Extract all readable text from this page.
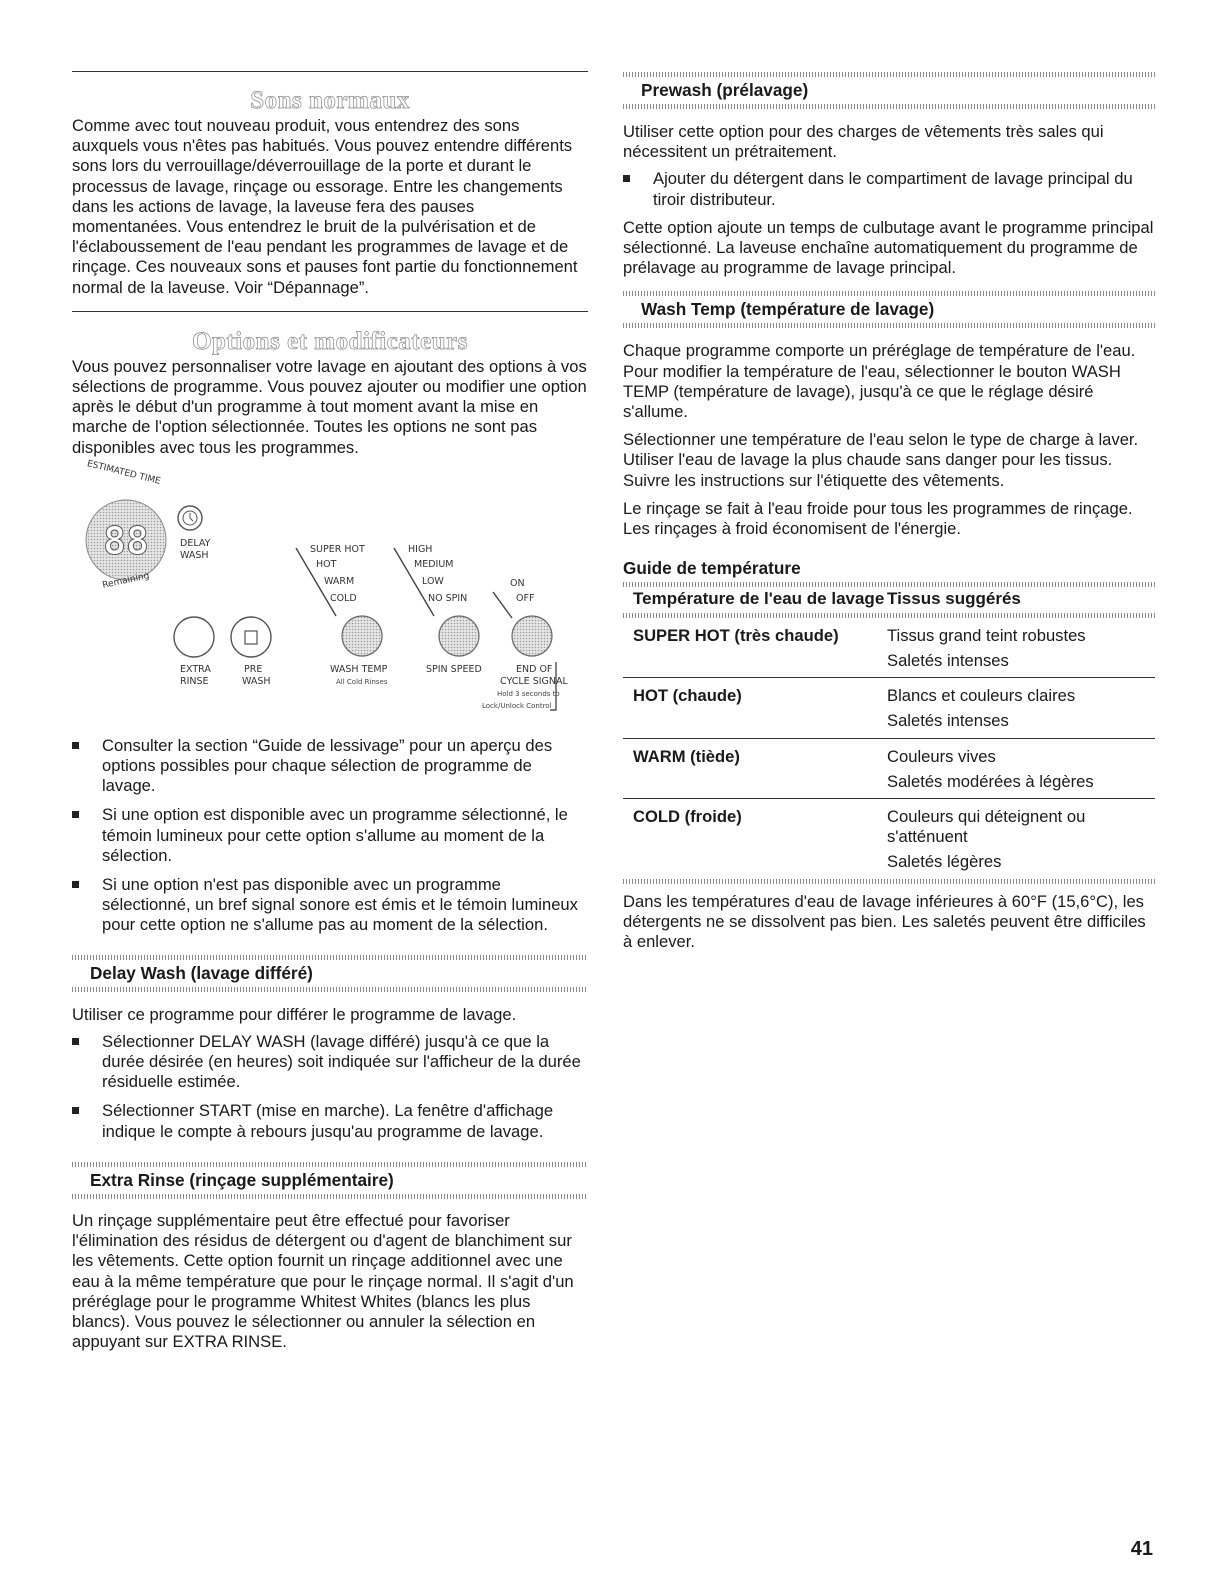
Sons normaux

Comme avec tout nouveau produit, vous entendrez des sons auxquels vous n'êtes pas habitués. Vous pouvez entendre différents sons lors du verrouillage/déverrouillage de la porte et durant le processus de lavage, rinçage ou essorage. Entre les changements dans les actions de lavage, la laveuse fera des pauses momentanées. Vous entendrez le bruit de la pulvérisation et de l'éclaboussement de l'eau pendant les programmes de lavage et de rinçage. Ces nouveaux sons et pauses font partie du fonctionnement normal de la laveuse. Voir “Dépannage”.

Options et modificateurs

Vous pouvez personnaliser votre lavage en ajoutant des options à vos sélections de programme. Vous pouvez ajouter ou modifier une option après le début d'un programme à tout moment avant la mise en marche de l'option sélectionnée. Toutes les options ne sont pas disponibles avec tous les programmes.

88
ESTIMATED TIME
Remaining
DELAY
WASH
SUPER HOT
HOT
WARM
COLD
HIGH
MEDIUM
LOW
NO SPIN
ON
OFF
EXTRA
RINSE
PRE
WASH
WASH TEMP
All Cold Rinses
SPIN SPEED	END OF
CYCLE SIGNAL
Hold 3 seconds to
Lock/Unlock Control
Consulter la section “Guide de lessivage” pour un aperçu des options possibles pour chaque sélection de programme de lavage.
Si une option est disponible avec un programme sélectionné, le témoin lumineux pour cette option s'allume au moment de la sélection.
Si une option n'est pas disponible avec un programme sélectionné, un bref signal sonore est émis et le témoin lumineux pour cette option ne s'allume pas au moment de la sélection.
Delay Wash (lavage différé)

Utiliser ce programme pour différer le programme de lavage.

Sélectionner DELAY WASH (lavage différé) jusqu'à ce que la durée désirée (en heures) soit indiquée sur l'afficheur de la durée résiduelle estimée.
Sélectionner START (mise en marche). La fenêtre d'affichage indique le compte à rebours jusqu'au programme de lavage.
Extra Rinse (rinçage supplémentaire)

Un rinçage supplémentaire peut être effectué pour favoriser l'élimination des résidus de détergent ou d'agent de blanchiment sur les vêtements. Cette option fournit un rinçage additionnel avec une eau à la même température que pour le rinçage normal. Il s'agit d'un préréglage pour le programme Whitest Whites (blancs les plus blancs). Vous pouvez le sélectionner ou annuler la sélection en appuyant sur EXTRA RINSE.

Prewash (prélavage)

Utiliser cette option pour des charges de vêtements très sales qui nécessitent un prétraitement.

Ajouter du détergent dans le compartiment de lavage principal du tiroir distributeur.

Cette option ajoute un temps de culbutage avant le programme principal sélectionné. La laveuse enchaîne automatiquement du programme de prélavage au programme de lavage principal.

Wash Temp (température de lavage)

Chaque programme comporte un préréglage de température de l'eau. Pour modifier la température de l'eau, sélectionner le bouton WASH TEMP (température de lavage), jusqu'à ce que le réglage désiré s'allume.

Sélectionner une température de l'eau selon le type de charge à laver. Utiliser l'eau de lavage la plus chaude sans danger pour les tissus. Suivre les instructions sur l'étiquette des vêtements.

Le rinçage se fait à l'eau froide pour tous les programmes de rinçage. Les rinçages à froid économisent de l'énergie.

Guide de température
Température de l'eau de lavage	Tissus suggérés

SUPER HOT (très chaude)	Tissus grand teint robustes
Saletés intenses

HOT (chaude)	Blancs et couleurs claires
Saletés intenses

WARM (tiède)	Couleurs vives
Saletés modérées à légères

COLD (froide)	Couleurs qui déteignent ou s'atténuent
Saletés légères

Dans les températures d'eau de lavage inférieures à 60°F (15,6°C), les détergents ne se dissolvent pas bien. Les saletés peuvent être difficiles à enlever.

41
